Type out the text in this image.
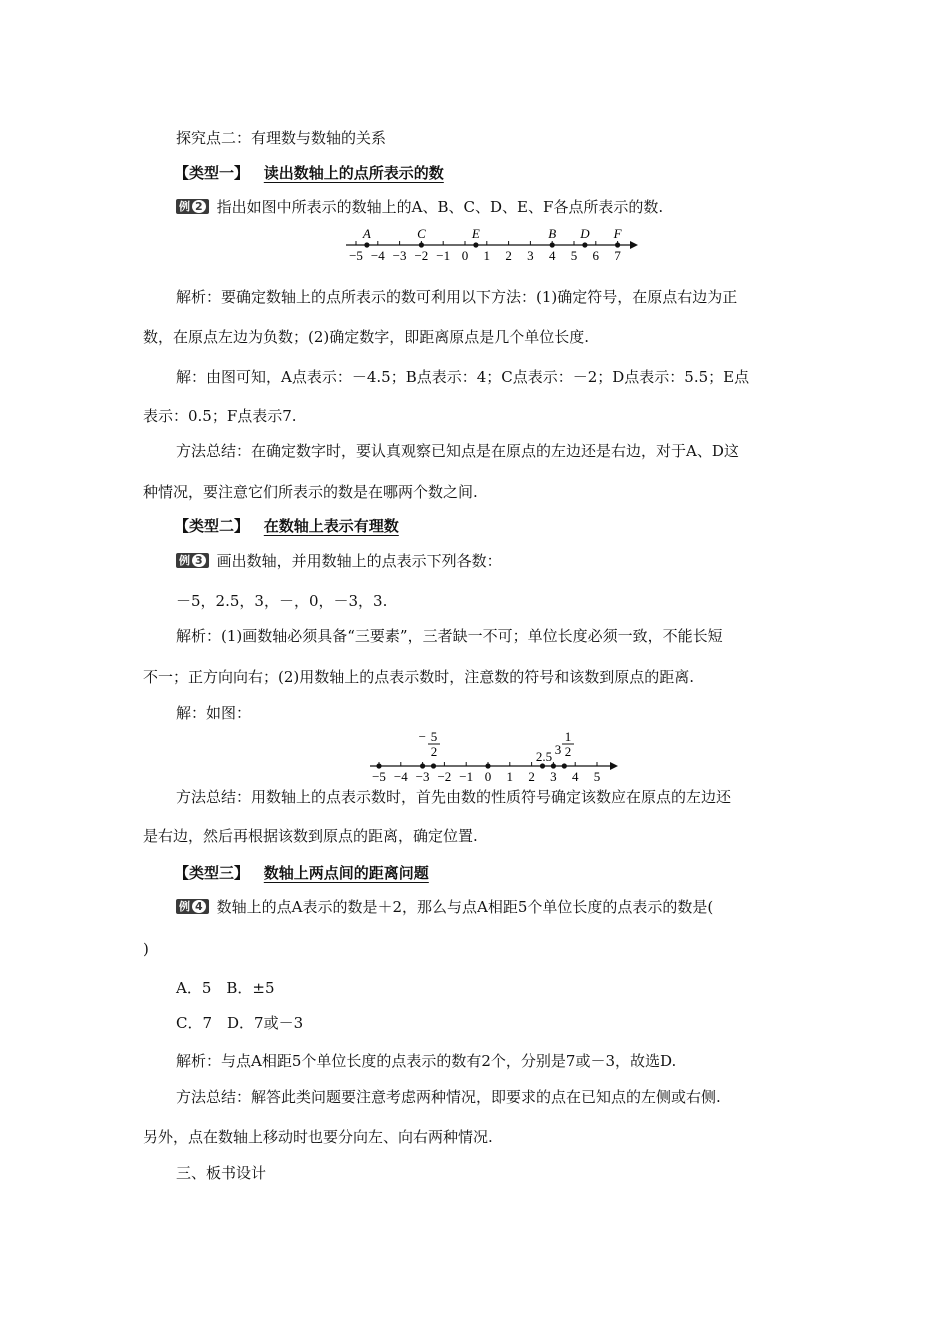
探究点二：有理数与数轴的关系
【类型一】 读出数轴上的点所表示的数
例 2 指出如图中所表示的数轴上的A、B、C、D、E、F各点所表示的数.
−5 −4 −3 −2 −1 0 1 2 3 4 5 6 7
A	C	E	B D F
解析：要确定数轴上的点所表示的数可利用以下方法：(1)确定符号，在原点右边为正
数，在原点左边为负数；(2)确定数字，即距离原点是几个单位长度.
解：由图可知，A点表示：－4.5；B点表示：4；C点表示：－2；D点表示：5.5；E点
表示：0.5；F点表示7.
方法总结：在确定数字时，要认真观察已知点是在原点的左边还是右边，对于A、D这
种情况，要注意它们所表示的数是在哪两个数之间.
【类型二】 在数轴上表示有理数
例 3 画出数轴，并用数轴上的点表示下列各数：
－5，2.5，3，－，0，－3，3.
解析：(1)画数轴必须具备“三要素”，三者缺一不可；单位长度必须一致，不能长短
不一；正方向向右；(2)用数轴上的点表示数时，注意数的符号和该数到原点的距离.
解：如图：
−5 −4 −3 −2 −1 0 1 2 3 4 5
− 5
2	2.5 3
1
2
方法总结：用数轴上的点表示数时，首先由数的性质符号确定该数应在原点的左边还
是右边，然后再根据该数到原点的距离，确定位置.
【类型三】 数轴上两点间的距离问题
例 4 数轴上的点A表示的数是＋2，那么与点A相距5个单位长度的点表示的数是(
)
A．5　B．±5
C．7　D．7或－3
解析：与点A相距5个单位长度的点表示的数有2个，分别是7或－3，故选D.
方法总结：解答此类问题要注意考虑两种情况，即要求的点在已知点的左侧或右侧.
另外，点在数轴上移动时也要分向左、向右两种情况.
三、板书设计
